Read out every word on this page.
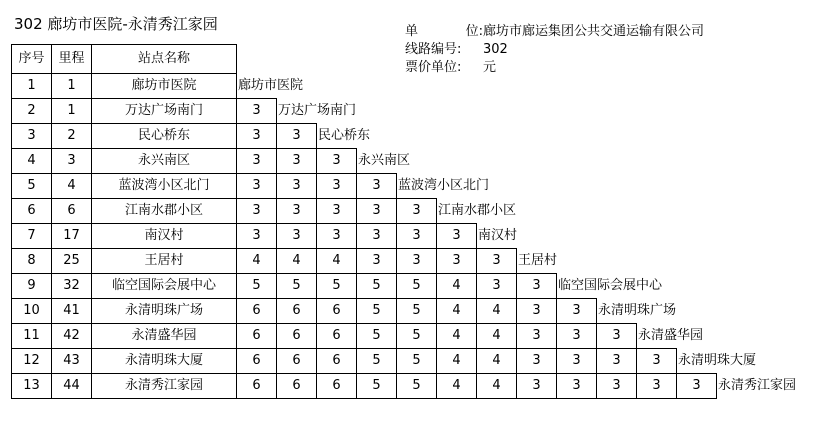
302 廊坊市医院-永清秀江家园	单	位: 廊坊市廊运集团公共交通运输有限公司
线路编号:	302
票价单位:	元
序号	里程	站点名称													
1	1	廊坊市医院	廊坊市医院												
2	1	万达广场南门	3	万达广场南门											
3	2	民心桥东	3	3	民心桥东										
4	3	永兴南区	3	3	3	永兴南区									
5	4	蓝波湾小区北门	3	3	3	3	蓝波湾小区北门								
6	6	江南水郡小区	3	3	3	3	3	江南水郡小区							
7	17	南汉村	3	3	3	3	3	3	南汉村						
8	25	王居村	4	4	4	3	3	3	3	王居村					
9	32	临空国际会展中心	5	5	5	5	5	4	3	3	临空国际会展中心				
10	41	永清明珠广场	6	6	6	5	5	4	4	3	3	永清明珠广场			
11	42	永清盛华园	6	6	6	5	5	4	4	3	3	3	永清盛华园		
12	43	永清明珠大厦	6	6	6	5	5	4	4	3	3	3	3	永清明珠大厦	
13	44	永清秀江家园	6	6	6	5	5	4	4	3	3	3	3	3	永清秀江家园
